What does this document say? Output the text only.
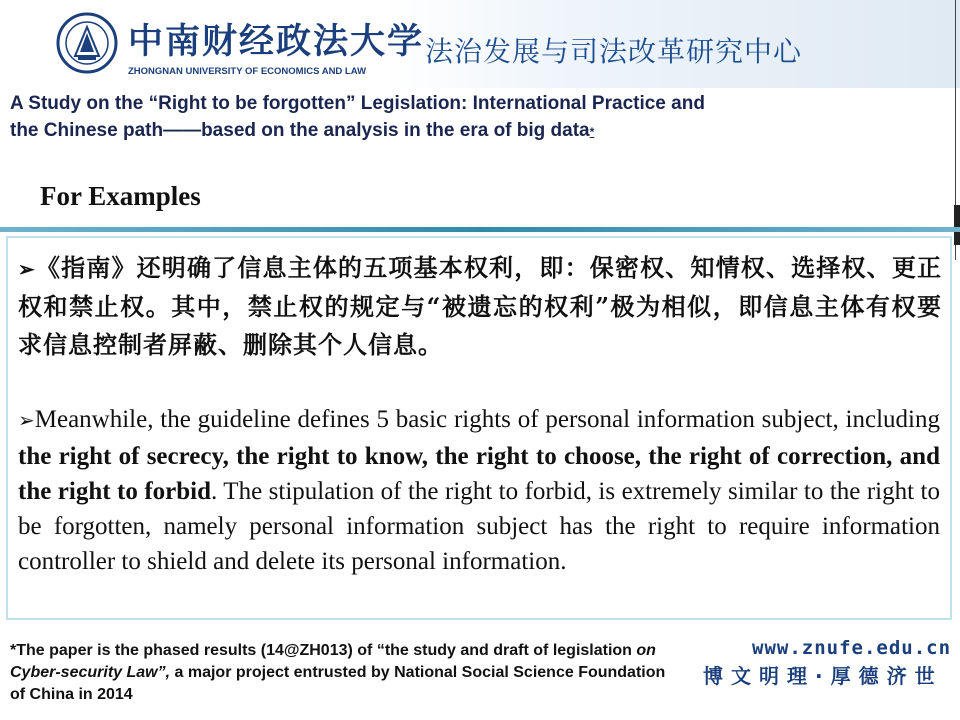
中南财经政法大学
ZHONGNAN UNIVERSITY OF ECONOMICS AND LAW
法治发展与司法改革研究中心
A Study on the “Right to be forgotten” Legislation: International Practice and
the Chinese path——based on the analysis in the era of big data*
For Examples
➢《指南》还明确了信息主体的五项基本权利，即：保密权、知情权、选择权、更正权和禁止权。其中，禁止权的规定与“被遗忘的权利”极为相似，即信息主体有权要求信息控制者屏蔽、删除其个人信息。
➢Meanwhile, the guideline defines 5 basic rights of personal information subject, including the right of secrecy, the right to know, the right to choose, the right of correction, and the right to forbid. The stipulation of the right to forbid, is extremely similar to the right to be forgotten, namely personal information subject has the right to require information controller to shield and delete its personal information.
*The paper is the phased results (14@ZH013) of “the study and draft of legislation on Cyber-security Law”, a major project entrusted by National Social Science Foundation of China in 2014
www.znufe.edu.cn
博文明理·厚德济世
